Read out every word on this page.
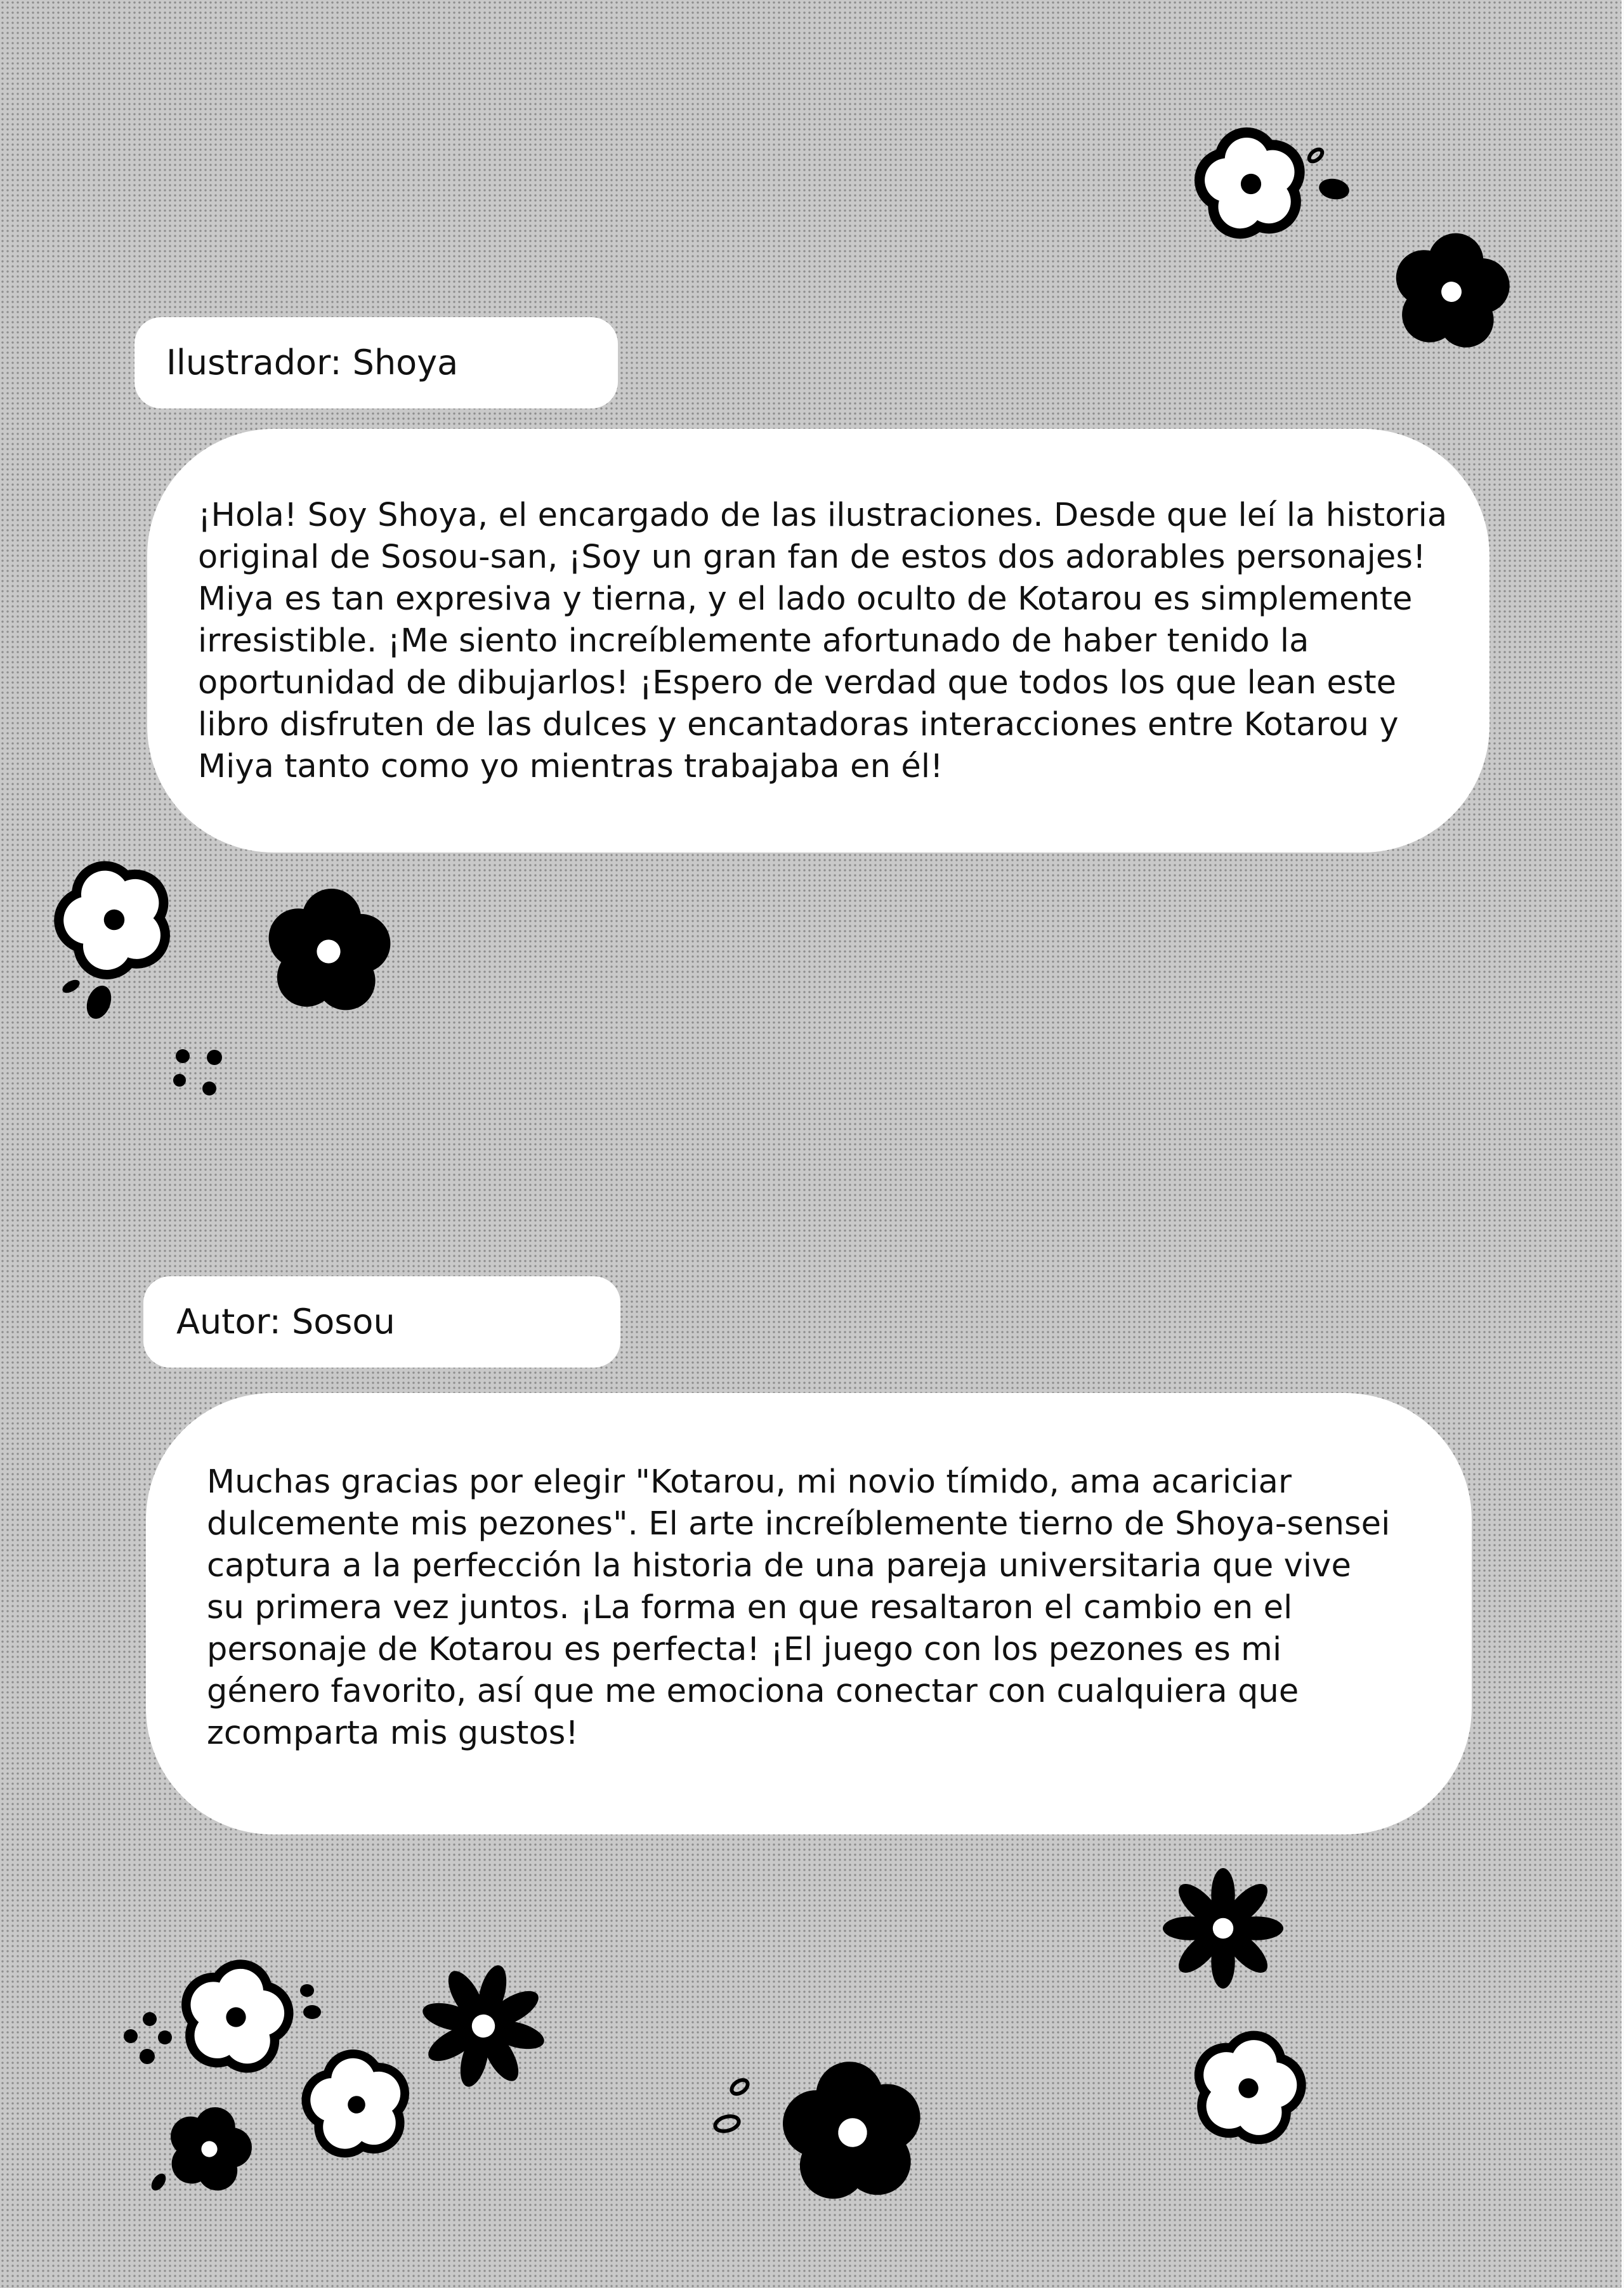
Ilustrador: Shoya

¡Hola! Soy Shoya, el encargado de las ilustraciones. Desde que leí la historia
original de Sosou-san, ¡Soy un gran fan de estos dos adorables personajes!
Miya es tan expresiva y tierna, y el lado oculto de Kotarou es simplemente
irresistible. ¡Me siento increíblemente afortunado de haber tenido la
oportunidad de dibujarlos! ¡Espero de verdad que todos los que lean este
libro disfruten de las dulces y encantadoras interacciones entre Kotarou y
Miya tanto como yo mientras trabajaba en él!

Autor: Sosou

Muchas gracias por elegir "Kotarou, mi novio tímido, ama acariciar
dulcemente mis pezones". El arte increíblemente tierno de Shoya-sensei
captura a la perfección la historia de una pareja universitaria que vive
su primera vez juntos. ¡La forma en que resaltaron el cambio en el
personaje de Kotarou es perfecta! ¡El juego con los pezones es mi
género favorito, así que me emociona conectar con cualquiera que
zcomparta mis gustos!
